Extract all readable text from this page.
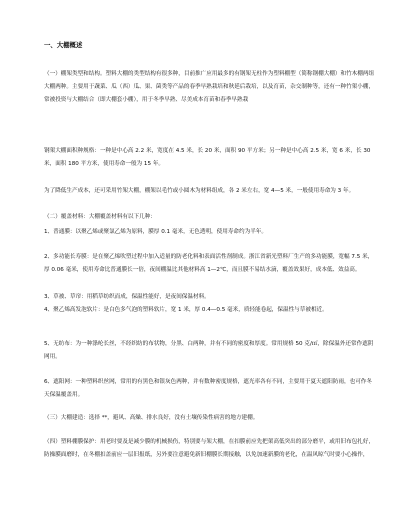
一、大棚概述

（一）棚架类型和结构。塑料大棚的类型结构有很多种，目前推广应用最多的有钢架无柱作为塑料棚型（简称钢棚大棚）和竹木棚两组大棚两种。主要用于蔬菜、瓜（西）瓜、果、菌类等产品的春季早熟栽培和秋延后栽培，以及育苗，杂交制种等，还有一种竹架小棚，常被投资与大棚结合（即大棚套小棚），用于冬季早熟、尽美成本育苗和春季早熟栽

钢架大棚面积种规格：一种是中心高 2.2 米，宽度在 4.5 米，长 20 米，面积 90 平方米；另一种是中心高 2.5 米，宽 6 米，长 30 米，面积 180 平方米，使用寿命一般为 15 年。

为了降低生产成本，还可采用竹架大棚，棚架以毛竹或小圆木为材料组成，各 2 米左右，宽 4—5 米，一般使用寿命为 3 年。

（二）覆盖材料：大棚覆盖材料有以下几种：

1、普通膜：以聚乙烯或聚氯乙烯为原料，膜厚 0.1 毫米，无色透明，使用寿命约为半年。

2、多功能长寿膜：是在聚乙烯吹塑过程中加入适量的防老化料和表面活性剂制成。浙江省新光塑料厂生产的多功能膜，宽幅 7.5 米，厚 0.06 毫米，使用寿命比普通膜长一倍，夜间棚温比其他材料高 1—2℃，而且膜不易结水滴，覆盖效果好，成本低、效益高。

3、草被、草帘：用稻草纺织而成，保温性能好，是夜间保温材料。

4、聚乙烯高发泡软片：是白色多气泡的塑料软片，宽 1 米，厚 0.4—0.5 毫米，质轻能卷起，保温性与草被相近。

5、无纺布：为一种涤纶长丝，不经织纺的布状物，分黑、白两种，并有不同的密度和厚度。常用规格 50 克/㎡，除保温外还常作遮阴网用。

6、遮阳网：一种塑料织丝网，常用的有黑色和银灰色两种，并有数种密度规格，遮光率各有不同，主要用于夏天遮阳防雨，也可作冬天保温覆盖用。

（三）大棚建造：选择 **，避风、高燥、排水良好，没有土壤传染性病害的地方建棚。

（四）塑料棚膜保护：用老时要及是减少膜的机械损伤，特别要与架大棚，在扣膜前应先把架高低突出的部分磨平，或用旧布包扎好，防操膜面磨时，在冬棚扣盖前应一层旧报纸，另外要注意避免新旧棚膜长期接触，以免加速新膜的老化，在温风晾气时要小心操作，
